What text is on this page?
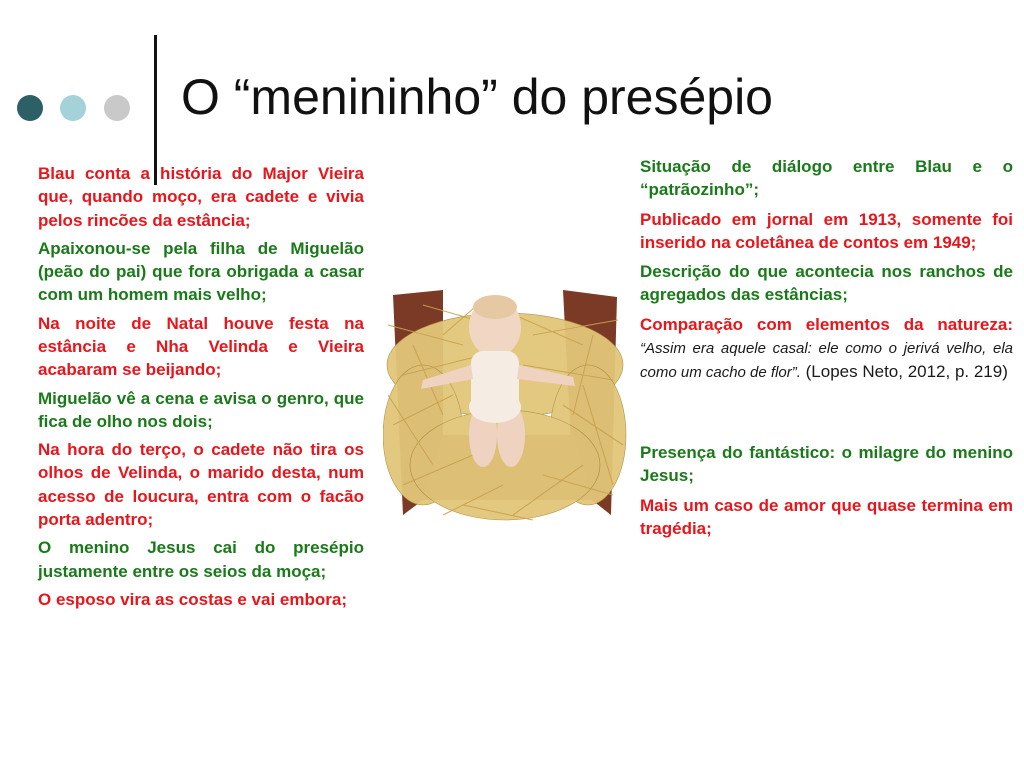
O “menininho” do presépio

Blau conta a história do Major Vieira que, quando moço, era cadete e vivia pelos rincões da estância;

Apaixonou-se pela filha de Miguelão (peão do pai) que fora obrigada a casar com um homem mais velho;

Na noite de Natal houve festa na estância e Nha Velinda e Vieira acabaram se beijando;

Miguelão vê a cena e avisa o genro, que fica de olho nos dois;

Na hora do terço, o cadete não tira os olhos de Velinda, o marido desta, num acesso de loucura, entra com o facão porta adentro;

O menino Jesus cai do presépio justamente entre os seios da moça;

O esposo vira as costas e vai embora;

Situação de diálogo entre Blau e o “patrãozinho”;

Publicado em jornal em 1913, somente foi inserido na coletânea de contos em 1949;

Descrição do que acontecia nos ranchos de agregados das estâncias;

Comparação com elementos da natureza: “Assim era aquele casal: ele como o jerivá velho, ela como um cacho de flor”. (Lopes Neto, 2012, p. 219)

Presença do fantástico: o milagre do menino Jesus;

Mais um caso de amor que quase termina em tragédia;
